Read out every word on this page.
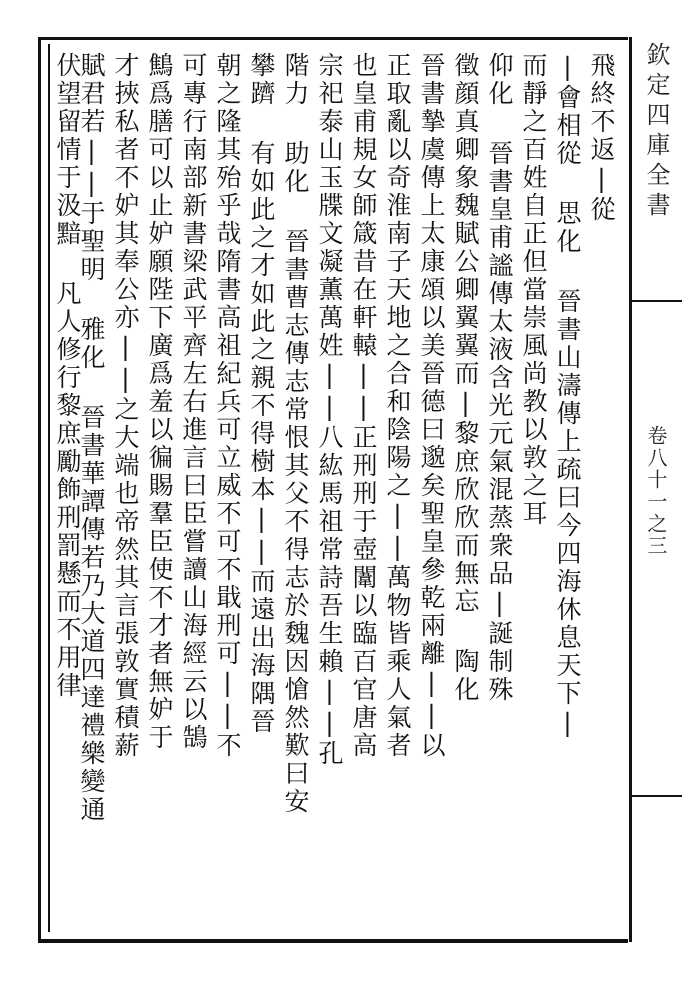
欽定四庫全書
卷八十一之三
飛終不返|從
|會相從 思化 晉書山濤傳上疏曰今四海休息天下|
而靜之百姓自正但當崇風尚教以敦之耳
仰化 晉書皇甫謐傳太液含光元氣混蒸衆品|誕制殊
徵顔真卿象魏賦公卿翼翼而|黎庶欣欣而無忘 陶化
晉書摯虞傳上太康頌以美晉德曰邈矣聖皇參乾兩離||以
正取亂以奇淮南子天地之合和陰陽之||萬物皆乘人氣者
也皇甫規女師箴昔在軒轅||正刑刑于壺闈以臨百官唐高
宗祀泰山玉牒文凝薫萬姓||八紘馬祖常詩吾生賴||孔
階力 助化 晉書曹志傳志常恨其父不得志於魏因愴然歎曰安
攀躋 有如此之才如此之親不得樹本||而遠出海隅晉
朝之隆其殆乎哉隋書高祖紀兵可立威不可不戢刑可||不
可專行南部新書梁武平齊左右進言曰臣嘗讀山海經云以鵠
鷦爲膳可以止妒願陛下廣爲羞以徧賜羣臣使不才者無妒于
才挾私者不妒其奉公亦||之大端也帝然其言張敦實積薪
賦君若||于聖明 雅化 晉書華譚傳若乃大道四達禮樂變通
伏望留情于汲黯 凡人修行黎庶勵飾刑罰懸而不用律
